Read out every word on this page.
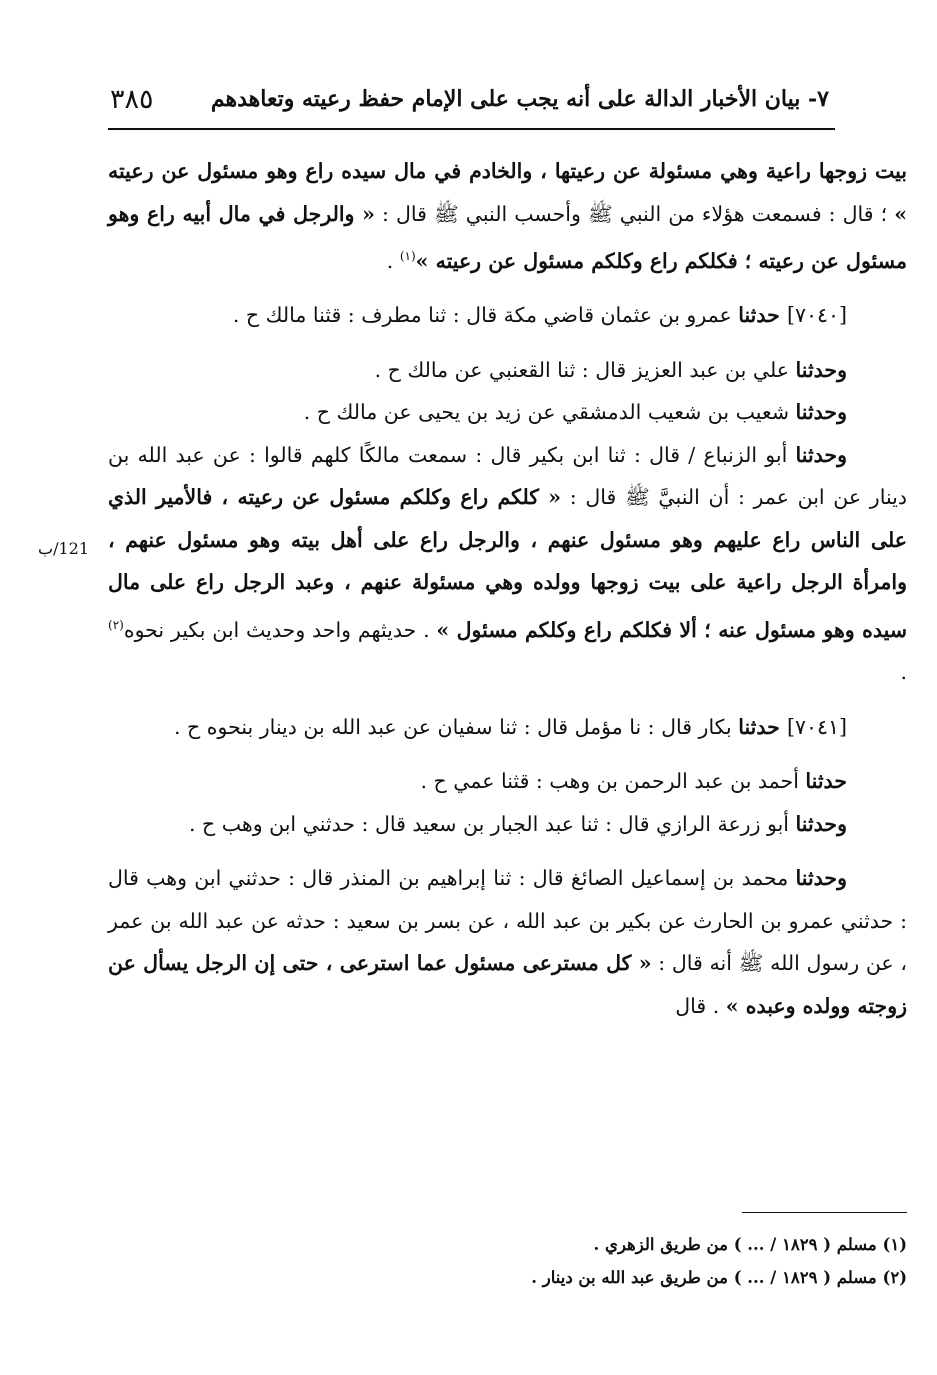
٣٨٥	٧- بيان الأخبار الدالة على أنه يجب على الإمام حفظ رعيته وتعاهدهم
121/ب

بيت زوجها راعية وهي مسئولة عن رعيتها ، والخادم في مال سيده راع وهو مسئول عن رعيته » ؛ قال : فسمعت هؤلاء من النبي ﷺ وأحسب النبي ﷺ قال : « والرجل في مال أبيه راع وهو مسئول عن رعيته ؛ فكلكم راع وكلكم مسئول عن رعيته »$^{(١)}$ .

[٧٠٤٠] حدثنا عمرو بن عثمان قاضي مكة قال : ثنا مطرف : قثنا مالك ح .

وحدثنا علي بن عبد العزيز قال : ثنا القعنبي عن مالك ح .

وحدثنا شعيب بن شعيب الدمشقي عن زيد بن يحيى عن مالك ح .

وحدثنا أبو الزنباع / قال : ثنا ابن بكير قال : سمعت مالكًا كلهم قالوا : عن عبد الله بن دينار عن ابن عمر : أن النبيَّ ﷺ قال : « كلكم راع وكلكم مسئول عن رعيته ، فالأمير الذي على الناس راع عليهم وهو مسئول عنهم ، والرجل راع على أهل بيته وهو مسئول عنهم ، وامرأة الرجل راعية على بيت زوجها وولده وهي مسئولة عنهم ، وعبد الرجل راع على مال سيده وهو مسئول عنه ؛ ألا فكلكم راع وكلكم مسئول » . حديثهم واحد وحديث ابن بكير نحوه$^{(٢)}$ .

[٧٠٤١] حدثنا بكار قال : نا مؤمل قال : ثنا سفيان عن عبد الله بن دينار بنحوه ح .

حدثنا أحمد بن عبد الرحمن بن وهب : قثنا عمي ح .

وحدثنا أبو زرعة الرازي قال : ثنا عبد الجبار بن سعيد قال : حدثني ابن وهب ح .

وحدثنا محمد بن إسماعيل الصائغ قال : ثنا إبراهيم بن المنذر قال : حدثني ابن وهب قال : حدثني عمرو بن الحارث عن بكير بن عبد الله ، عن بسر بن سعيد : حدثه عن عبد الله بن عمر ، عن رسول الله ﷺ أنه قال : « كل مسترعى مسئول عما استرعى ، حتى إن الرجل يسأل عن زوجته وولده وعبده » . قال

(١) مسلم ( ١٨٢٩ / ... ) من طريق الزهري .

(٢) مسلم ( ١٨٢٩ / ... ) من طريق عبد الله بن دينار .
